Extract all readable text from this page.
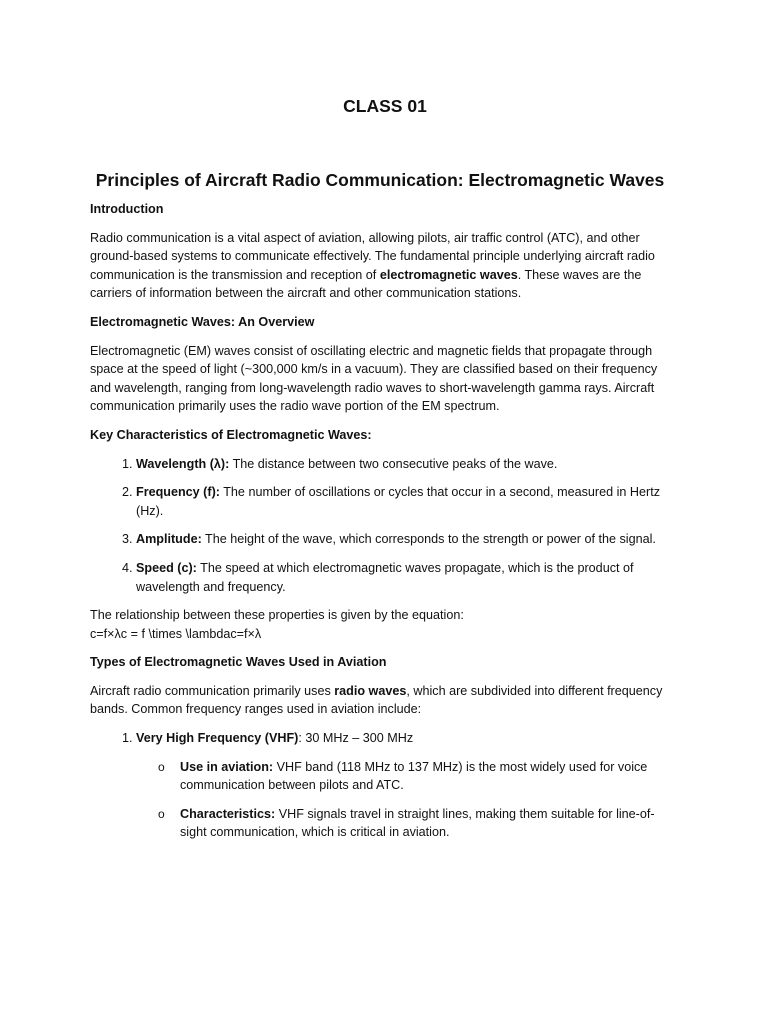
CLASS 01
Principles of Aircraft Radio Communication: Electromagnetic Waves
Introduction

Radio communication is a vital aspect of aviation, allowing pilots, air traffic control (ATC), and other ground-based systems to communicate effectively. The fundamental principle underlying aircraft radio communication is the transmission and reception of electromagnetic waves. These waves are the carriers of information between the aircraft and other communication stations.

Electromagnetic Waves: An Overview

Electromagnetic (EM) waves consist of oscillating electric and magnetic fields that propagate through space at the speed of light (~300,000 km/s in a vacuum). They are classified based on their frequency and wavelength, ranging from long-wavelength radio waves to short-wavelength gamma rays. Aircraft communication primarily uses the radio wave portion of the EM spectrum.

Key Characteristics of Electromagnetic Waves:
1. Wavelength (λ): The distance between two consecutive peaks of the wave.
2. Frequency (f): The number of oscillations or cycles that occur in a second, measured in Hertz (Hz).
3. Amplitude: The height of the wave, which corresponds to the strength or power of the signal.
4. Speed (c): The speed at which electromagnetic waves propagate, which is the product of wavelength and frequency.

The relationship between these properties is given by the equation:
c=f×λc = f \times \lambdac=f×λ

Types of Electromagnetic Waves Used in Aviation

Aircraft radio communication primarily uses radio waves, which are subdivided into different frequency bands. Common frequency ranges used in aviation include:

1. Very High Frequency (VHF): 30 MHz – 300 MHz
o Use in aviation: VHF band (118 MHz to 137 MHz) is the most widely used for voice communication between pilots and ATC.
o Characteristics: VHF signals travel in straight lines, making them suitable for line-of-sight communication, which is critical in aviation.
